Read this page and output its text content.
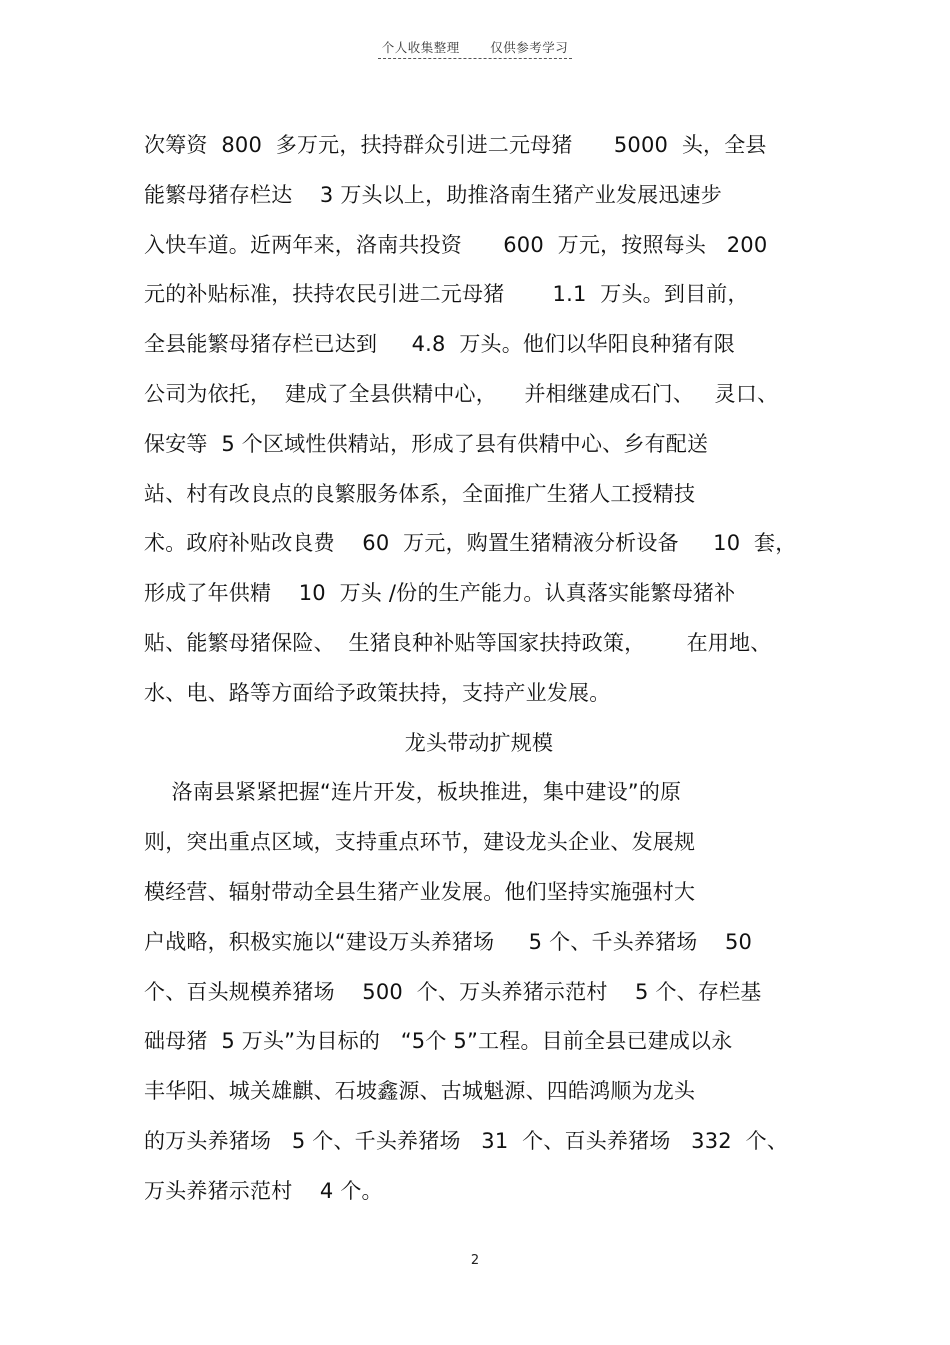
个人收集整理 仅供参考学习
次筹资  800  多万元，扶持群众引进二元母猪      5000  头，全县
能繁母猪存栏达    3 万头以上，助推洛南生猪产业发展迅速步
入快车道。近两年来，洛南共投资      600  万元，按照每头   200
元的补贴标准，扶持农民引进二元母猪       1.1  万头。到目前，
全县能繁母猪存栏已达到     4.8  万头。他们以华阳良种猪有限
公司为依托，  建成了全县供精中心，    并相继建成石门、   灵口、
保安等  5 个区域性供精站，形成了县有供精中心、乡有配送
站、村有改良点的良繁服务体系，全面推广生猪人工授精技
术。政府补贴改良费    60  万元，购置生猪精液分析设备     10  套，
形成了年供精    10  万头 /份的生产能力。认真落实能繁母猪补
贴、能繁母猪保险、  生猪良种补贴等国家扶持政策，      在用地、
水、电、路等方面给予政策扶持，支持产业发展。
龙头带动扩规模
洛南县紧紧把握“连片开发，板块推进，集中建设”的原
则，突出重点区域，支持重点环节，建设龙头企业、发展规
模经营、辐射带动全县生猪产业发展。他们坚持实施强村大
户战略，积极实施以“建设万头养猪场     5 个、千头养猪场    50
个、百头规模养猪场    500  个、万头养猪示范村    5 个、存栏基
础母猪  5 万头”为目标的   “5个 5”工程。目前全县已建成以永
丰华阳、城关雄麒、石坡鑫源、古城魁源、四皓鸿顺为龙头
的万头养猪场   5 个、千头养猪场   31  个、百头养猪场   332  个、
万头养猪示范村    4 个。
2
